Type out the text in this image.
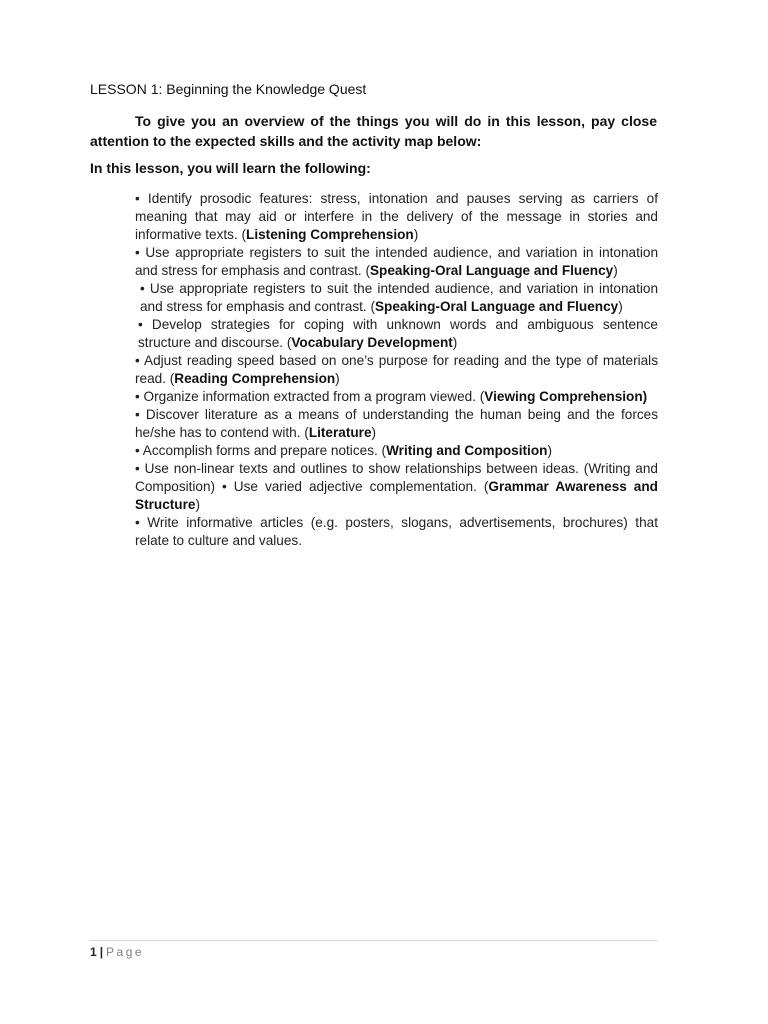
LESSON 1: Beginning the Knowledge Quest

To give you an overview of the things you will do in this lesson, pay close attention to the expected skills and the activity map below:

In this lesson, you will learn the following:

• Identify prosodic features: stress, intonation and pauses serving as carriers of meaning that may aid or interfere in the delivery of the message in stories and informative texts. (Listening Comprehension)
• Use appropriate registers to suit the intended audience, and variation in intonation and stress for emphasis and contrast. (Speaking-Oral Language and Fluency)
• Use appropriate registers to suit the intended audience, and variation in intonation and stress for emphasis and contrast. (Speaking-Oral Language and Fluency)
• Develop strategies for coping with unknown words and ambiguous sentence structure and discourse. (Vocabulary Development)
• Adjust reading speed based on one’s purpose for reading and the type of materials read. (Reading Comprehension)
• Organize information extracted from a program viewed. (Viewing Comprehension)
• Discover literature as a means of understanding the human being and the forces he/she has to contend with. (Literature)
• Accomplish forms and prepare notices. (Writing and Composition)
• Use non-linear texts and outlines to show relationships between ideas. (Writing and Composition) • Use varied adjective complementation. (Grammar Awareness and Structure)
• Write informative articles (e.g. posters, slogans, advertisements, brochures) that relate to culture and values.
1 | Page
